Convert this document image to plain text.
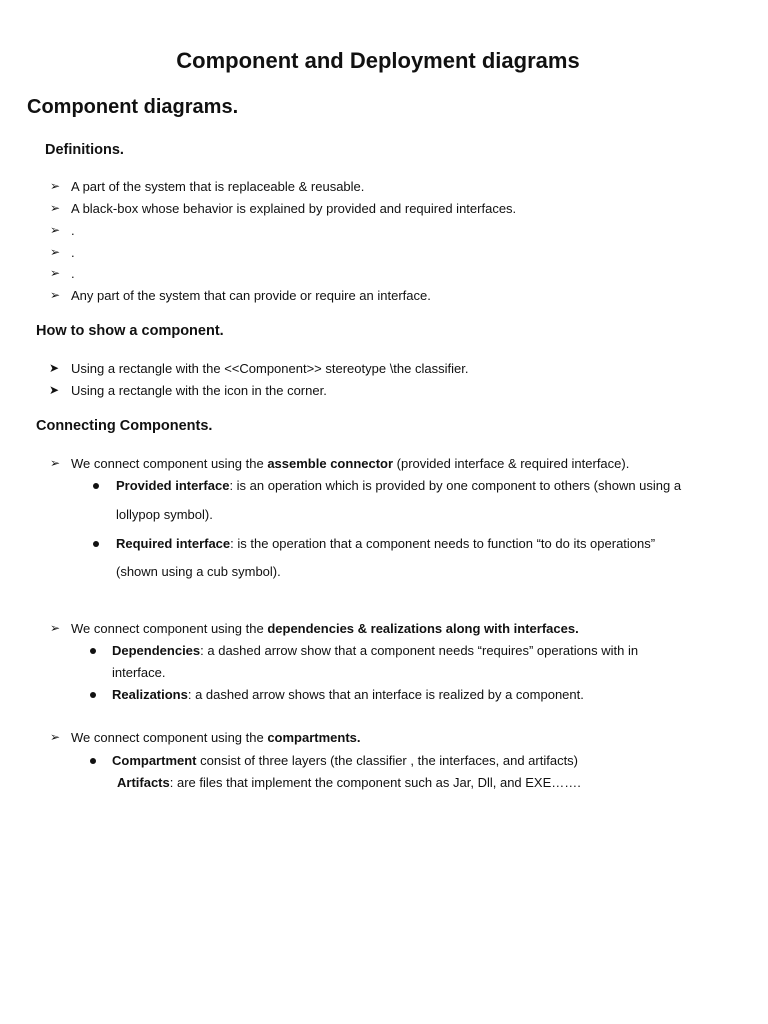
Component and Deployment diagrams
Component diagrams.
Definitions.
➢ A part of the system that is replaceable & reusable.
➢ A black-box whose behavior is explained by provided and required interfaces.
➢ .
➢ .
➢ .
➢ Any part of the system that can provide or require an interface.
How to show a component.
➤ Using a rectangle with the <<Component>> stereotype \the classifier.
➤ Using a rectangle with the icon in the corner.
Connecting Components.
➢ We connect component using the assemble connector (provided interface & required interface).
Provided interface: is an operation which is provided by one component to others (shown using a
lollypop symbol).
Required interface: is the operation that a component needs to function “to do its operations”
(shown using a cub symbol).
➢ We connect component using the dependencies & realizations along with interfaces.
Dependencies: a dashed arrow show that a component needs “requires” operations with in
interface.
Realizations: a dashed arrow shows that an interface is realized by a component.
➢ We connect component using the compartments.
Compartment consist of three layers (the classifier , the interfaces, and artifacts)
Artifacts: are files that implement the component such as Jar, Dll, and EXE…….
